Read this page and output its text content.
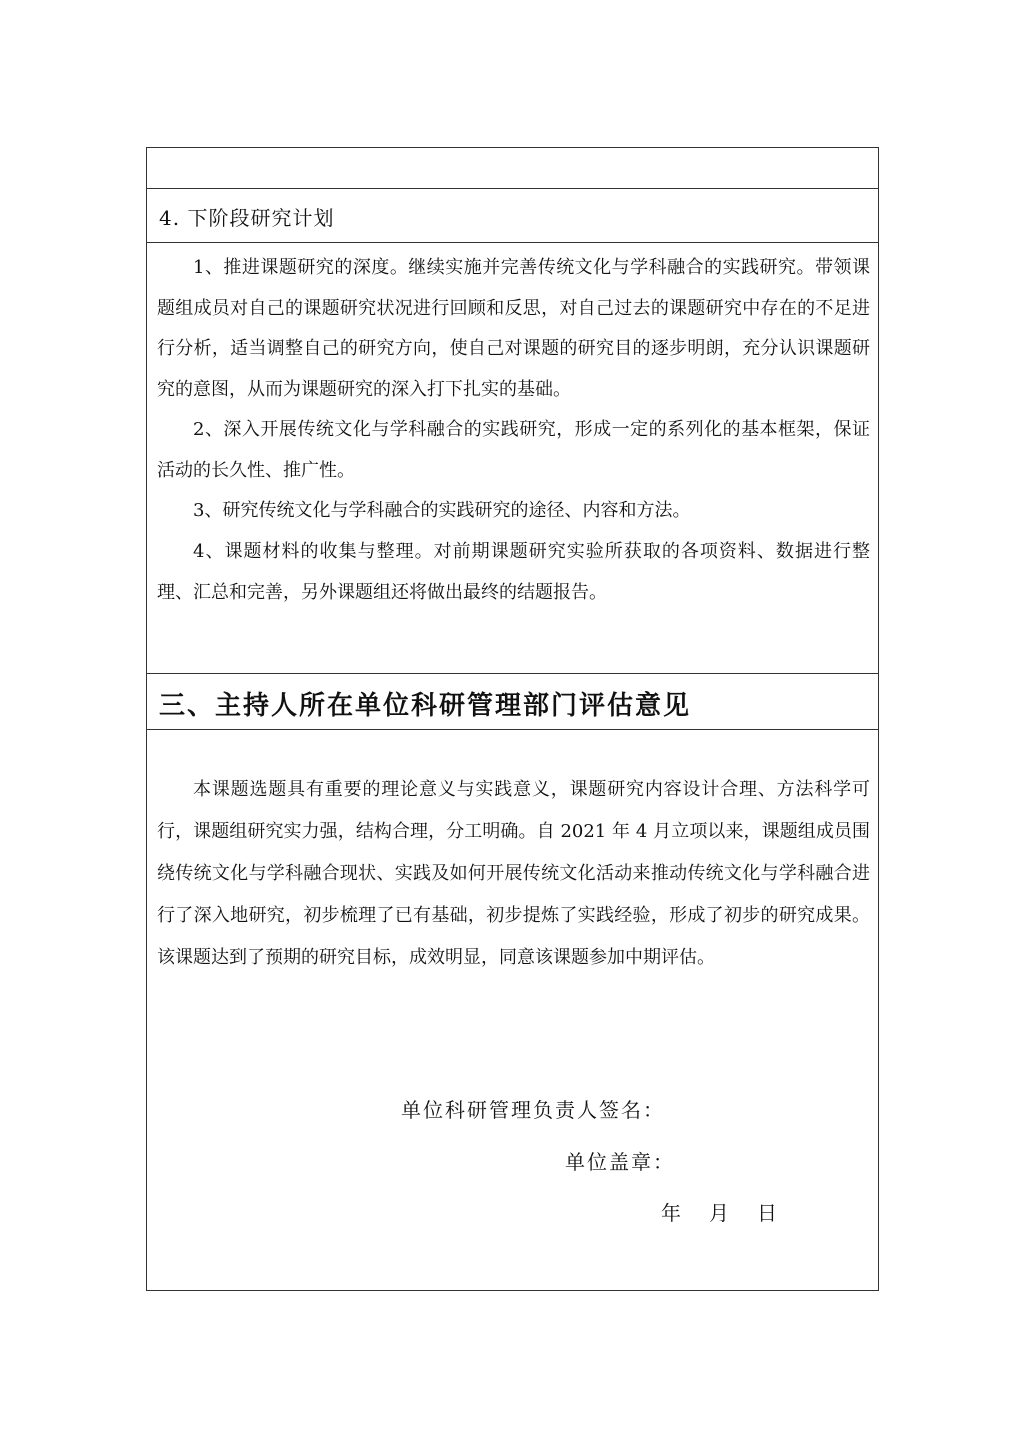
4. 下阶段研究计划

1、推进课题研究的深度。继续实施并完善传统文化与学科融合的实践研究。带领课题组成员对自己的课题研究状况进行回顾和反思，对自己过去的课题研究中存在的不足进行分析，适当调整自己的研究方向，使自己对课题的研究目的逐步明朗，充分认识课题研究的意图，从而为课题研究的深入打下扎实的基础。

2、深入开展传统文化与学科融合的实践研究，形成一定的系列化的基本框架，保证活动的长久性、推广性。

3、研究传统文化与学科融合的实践研究的途径、内容和方法。

4、课题材料的收集与整理。对前期课题研究实验所获取的各项资料、数据进行整理、汇总和完善，另外课题组还将做出最终的结题报告。

三、主持人所在单位科研管理部门评估意见

本课题选题具有重要的理论意义与实践意义，课题研究内容设计合理、方法科学可行，课题组研究实力强，结构合理，分工明确。自 2021 年 4 月立项以来，课题组成员围绕传统文化与学科融合现状、实践及如何开展传统文化活动来推动传统文化与学科融合进行了深入地研究，初步梳理了已有基础，初步提炼了实践经验，形成了初步的研究成果。该课题达到了预期的研究目标，成效明显，同意该课题参加中期评估。

单位科研管理负责人签名：
单位盖章：
年 月 日
